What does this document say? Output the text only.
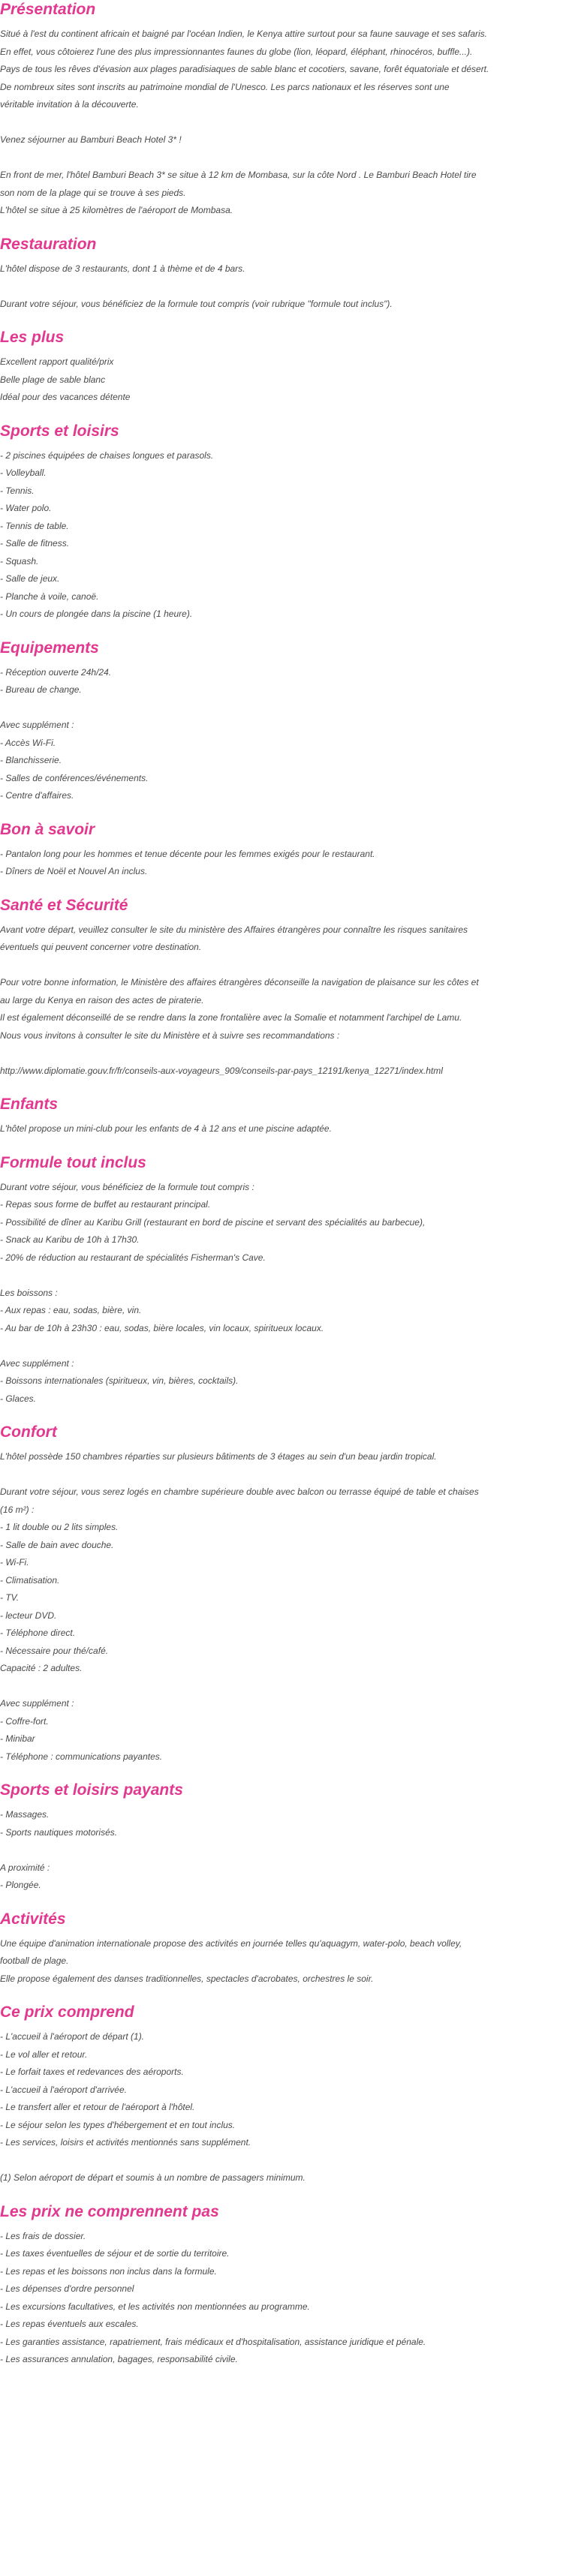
Présentation
Situé à l'est du continent africain et baigné par l'océan Indien, le Kenya attire surtout pour sa faune sauvage et ses safaris.
En effet, vous côtoierez l'une des plus impressionnantes faunes du globe (lion, léopard, éléphant, rhinocéros, buffle...).
Pays de tous les rêves d'évasion aux plages paradisiaques de sable blanc et cocotiers, savane, forêt équatoriale et désert.
De nombreux sites sont inscrits au patrimoine mondial de l'Unesco. Les parcs nationaux et les réserves sont une
véritable invitation à la découverte.
Venez séjourner au Bamburi Beach Hotel 3* !
En front de mer, l'hôtel Bamburi Beach 3* se situe à 12 km de Mombasa, sur la côte Nord . Le Bamburi Beach Hotel tire
son nom de la plage qui se trouve à ses pieds.
L'hôtel se situe à 25 kilomètres de l'aéroport de Mombasa.
Restauration
L'hôtel dispose de 3 restaurants, dont 1 à thème et de 4 bars.
Durant votre séjour, vous bénéficiez de la formule tout compris (voir rubrique "formule tout inclus").
Les plus
Excellent rapport qualité/prix
Belle plage de sable blanc
Idéal pour des vacances détente
Sports et loisirs
- 2 piscines équipées de chaises longues et parasols.
- Volleyball.
- Tennis.
- Water polo.
- Tennis de table.
- Salle de fitness.
- Squash.
- Salle de jeux.
- Planche à voile, canoë.
- Un cours de plongée dans la piscine (1 heure).
Equipements
- Réception ouverte 24h/24.
- Bureau de change.
Avec supplément :
- Accès Wi-Fi.
- Blanchisserie.
- Salles de conférences/événements.
- Centre d'affaires.
Bon à savoir
- Pantalon long pour les hommes et tenue décente pour les femmes exigés pour le restaurant.
- Dîners de Noël et Nouvel An inclus.
Santé et Sécurité
Avant votre départ, veuillez consulter le site du ministère des Affaires étrangères pour connaître les risques sanitaires
éventuels qui peuvent concerner votre destination.
Pour votre bonne information, le Ministère des affaires étrangères déconseille la navigation de plaisance sur les côtes et
au large du Kenya en raison des actes de piraterie.
Il est également déconseillé de se rendre dans la zone frontalière avec la Somalie et notamment l'archipel de Lamu.
Nous vous invitons à consulter le site du Ministère et à suivre ses recommandations :
http://www.diplomatie.gouv.fr/fr/conseils-aux-voyageurs_909/conseils-par-pays_12191/kenya_12271/index.html
Enfants
L'hôtel propose un mini-club pour les enfants de 4 à 12 ans et une piscine adaptée.
Formule tout inclus
Durant votre séjour, vous bénéficiez de la formule tout compris :
- Repas sous forme de buffet au restaurant principal.
- Possibilité de dîner au Karibu Grill (restaurant en bord de piscine et servant des spécialités au barbecue),
- Snack au Karibu de 10h à 17h30.
- 20% de réduction au restaurant de spécialités Fisherman's Cave.
Les boissons :
- Aux repas : eau, sodas, bière, vin.
- Au bar de 10h à 23h30 : eau, sodas, bière locales, vin locaux, spiritueux locaux.
Avec supplément :
- Boissons internationales (spiritueux, vin, bières, cocktails).
- Glaces.
Confort
L'hôtel possède 150 chambres réparties sur plusieurs bâtiments de 3 étages au sein d'un beau jardin tropical.
Durant votre séjour, vous serez logés en chambre supérieure double avec balcon ou terrasse équipé de table et chaises
(16 m²) :
- 1 lit double ou 2 lits simples.
- Salle de bain avec douche.
- Wi-Fi.
- Climatisation.
- TV.
- lecteur DVD.
- Téléphone direct.
- Nécessaire pour thé/café.
Capacité : 2 adultes.
Avec supplément :
- Coffre-fort.
- Minibar
- Téléphone : communications payantes.
Sports et loisirs payants
- Massages.
- Sports nautiques motorisés.
A proximité :
- Plongée.
Activités
Une équipe d'animation internationale propose des activités en journée telles qu'aquagym, water-polo, beach volley,
football de plage.
Elle propose également des danses traditionnelles, spectacles d'acrobates, orchestres le soir.
Ce prix comprend
- L'accueil à l'aéroport de départ (1).
- Le vol aller et retour.
- Le forfait taxes et redevances des aéroports.
- L'accueil à l'aéroport d'arrivée.
- Le transfert aller et retour de l'aéroport à l'hôtel.
- Le séjour selon les types d'hébergement et en tout inclus.
- Les services, loisirs et activités mentionnés sans supplément.
(1) Selon aéroport de départ et soumis à un nombre de passagers minimum.
Les prix ne comprennent pas
- Les frais de dossier.
- Les taxes éventuelles de séjour et de sortie du territoire.
- Les repas et les boissons non inclus dans la formule.
- Les dépenses d'ordre personnel
- Les excursions facultatives, et les activités non mentionnées au programme.
- Les repas éventuels aux escales.
- Les garanties assistance, rapatriement, frais médicaux et d'hospitalisation, assistance juridique et pénale.
- Les assurances annulation, bagages, responsabilité civile.
